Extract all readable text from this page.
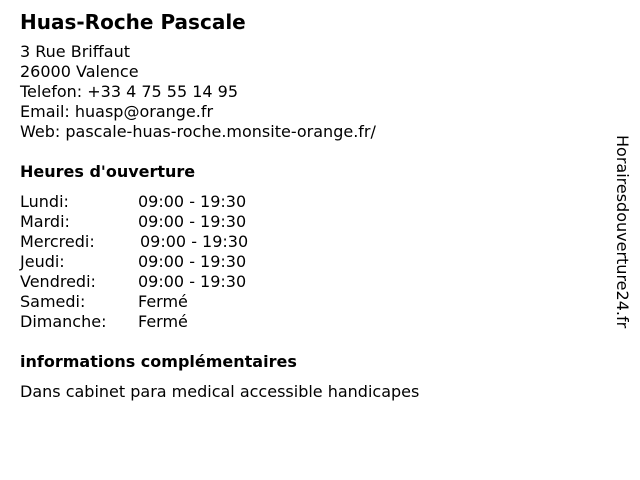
Huas-Roche Pascale
3 Rue Briffaut
26000 Valence
Telefon: +33 4 75 55 14 95
Email: huasp@orange.fr
Web: pascale-huas-roche.monsite-orange.fr/
Heures d'ouverture
Lundi:	09:00 - 19:30
Mardi:	09:00 - 19:30
Mercredi:	09:00 - 19:30
Jeudi:	09:00 - 19:30
Vendredi:	09:00 - 19:30
Samedi:	Fermé
Dimanche:	Fermé
informations complémentaires
Dans cabinet para medical accessible handicapes
Horairesdouverture24.fr
